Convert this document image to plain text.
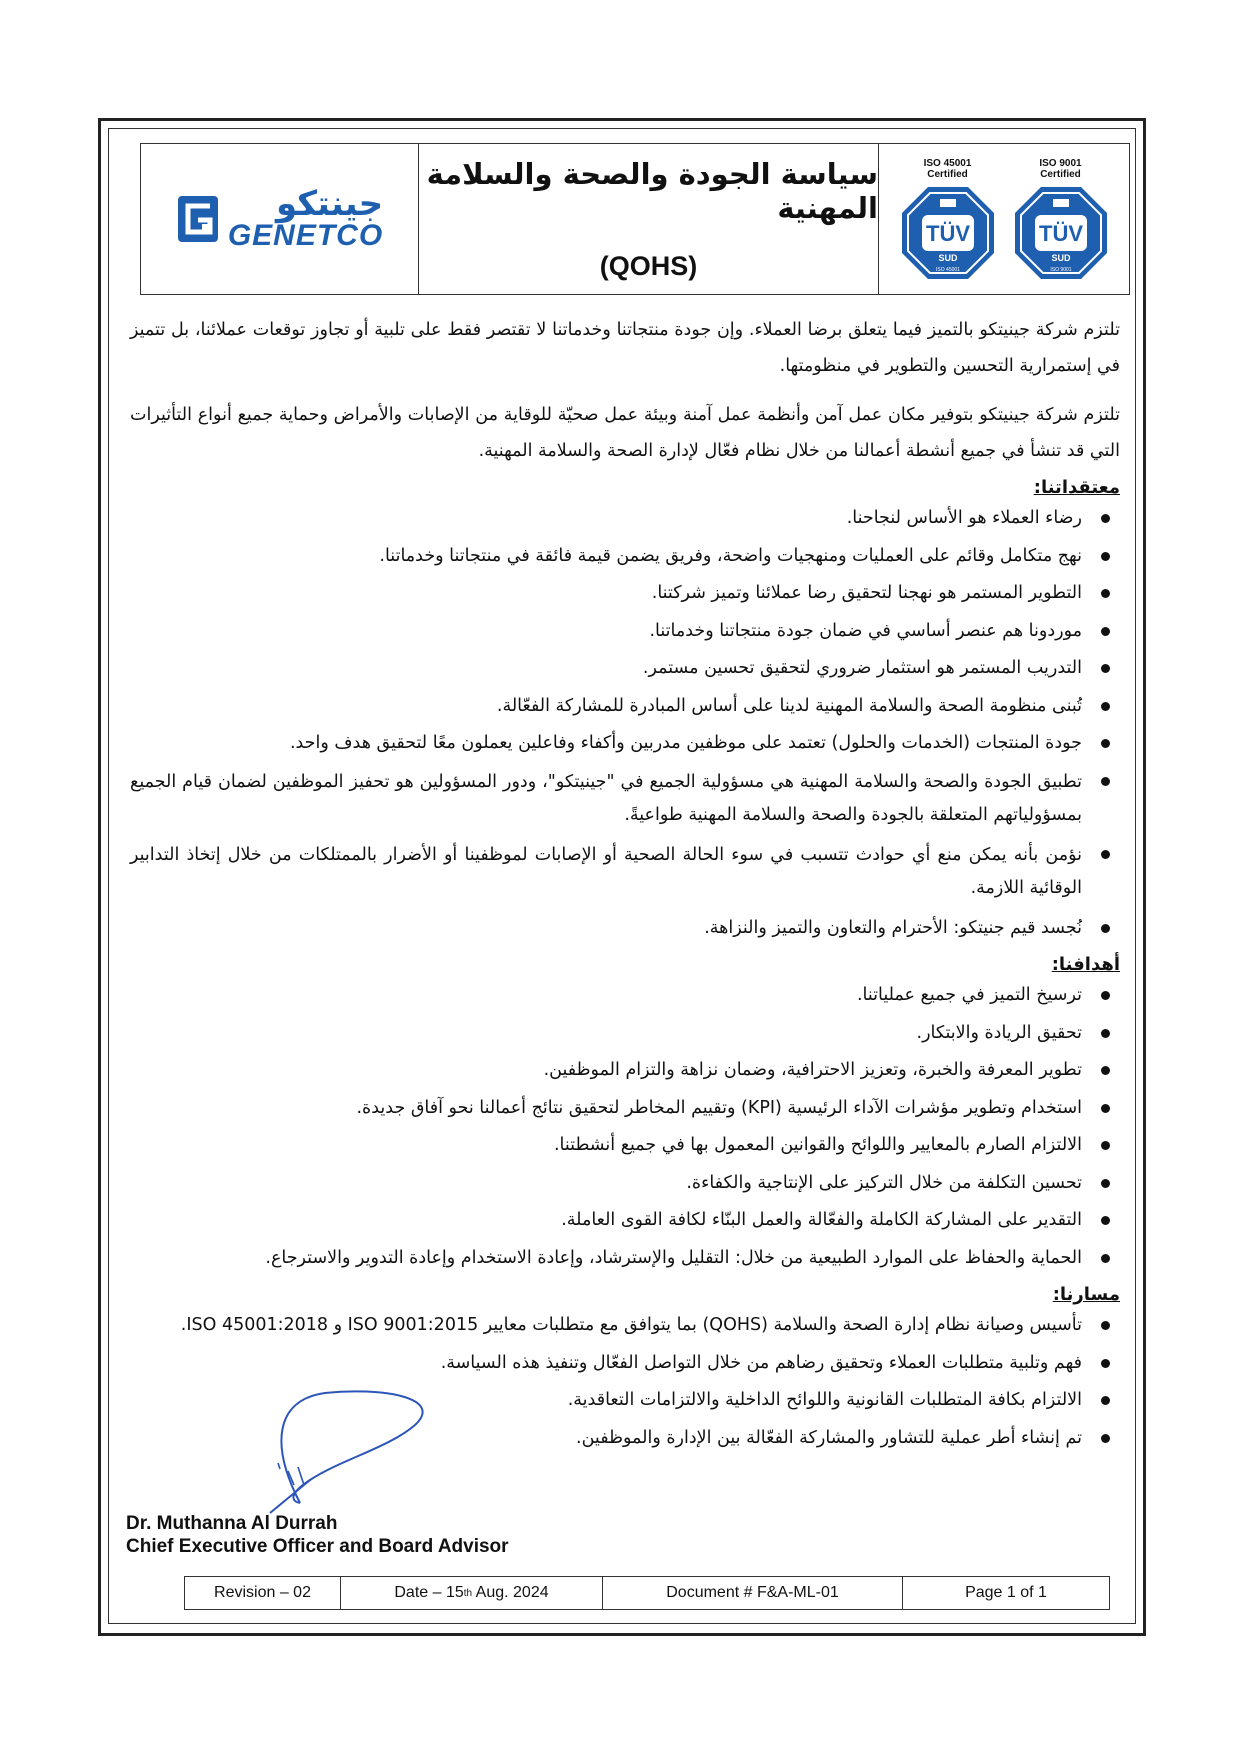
جينتكو
GENETCO
سياسة الجودة والصحة والسلامة المهنية
(QOHS)
ISO 45001
Certified
TÜV
SUD
ISO 45001
ISO 9001
Certified
TÜV
SUD
ISO 9001

تلتزم شركة جينيتكو بالتميز فيما يتعلق برضا العملاء. وإن جودة منتجاتنا وخدماتنا لا تقتصر فقط على تلبية أو تجاوز توقعات عملائنا، بل تتميز في إستمرارية التحسين والتطوير في منظومتها.

تلتزم شركة جينيتكو بتوفير مكان عمل آمن وأنظمة عمل آمنة وبيئة عمل صحيّة للوقاية من الإصابات والأمراض وحماية جميع أنواع التأثيرات التي قد تنشأ في جميع أنشطة أعمالنا من خلال نظام فعّال لإدارة الصحة والسلامة المهنية.

معتقداتنا:
رضاء العملاء هو الأساس لنجاحنا.
نهج متكامل وقائم على العمليات ومنهجيات واضحة، وفريق يضمن قيمة فائقة في منتجاتنا وخدماتنا.
التطوير المستمر هو نهجنا لتحقيق رضا عملائنا وتميز شركتنا.
موردونا هم عنصر أساسي في ضمان جودة منتجاتنا وخدماتنا.
التدريب المستمر هو استثمار ضروري لتحقيق تحسين مستمر.
تُبنى منظومة الصحة والسلامة المهنية لدينا على أساس المبادرة للمشاركة الفعّالة.
جودة المنتجات (الخدمات والحلول) تعتمد على موظفين مدربين وأكفاء وفاعلين يعملون معًا لتحقيق هدف واحد.
تطبيق الجودة والصحة والسلامة المهنية هي مسؤولية الجميع في "جينيتكو"، ودور المسؤولين هو تحفيز الموظفين لضمان قيام الجميع بمسؤولياتهم المتعلقة بالجودة والصحة والسلامة المهنية طواعيةً.
نؤمن بأنه يمكن منع أي حوادث تتسبب في سوء الحالة الصحية أو الإصابات لموظفينا أو الأضرار بالممتلكات من خلال إتخاذ التدابير الوقائية اللازمة.
نُجسد قيم جنيتكو: الأحترام والتعاون والتميز والنزاهة.
أهدافنا:
ترسيخ التميز في جميع عملياتنا.
تحقيق الريادة والابتكار.
تطوير المعرفة والخبرة، وتعزيز الاحترافية، وضمان نزاهة والتزام الموظفين.
استخدام وتطوير مؤشرات الآداء الرئيسية (KPI) وتقييم المخاطر لتحقيق نتائج أعمالنا نحو آفاق جديدة.
الالتزام الصارم بالمعايير واللوائح والقوانين المعمول بها في جميع أنشطتنا.
تحسين التكلفة من خلال التركيز على الإنتاجية والكفاءة.
التقدير على المشاركة الكاملة والفعّالة والعمل البنّاء لكافة القوى العاملة.
الحماية والحفاظ على الموارد الطبيعية من خلال: التقليل والإسترشاد، وإعادة الاستخدام وإعادة التدوير والاسترجاع.
مسارنا:
تأسيس وصيانة نظام إدارة الصحة والسلامة (QOHS) بما يتوافق مع متطلبات معايير ISO 9001:2015 و ISO 45001:2018.
فهم وتلبية متطلبات العملاء وتحقيق رضاهم من خلال التواصل الفعّال وتنفيذ هذه السياسة.
الالتزام بكافة المتطلبات القانونية واللوائح الداخلية والالتزامات التعاقدية.
تم إنشاء أطر عملية للتشاور والمشاركة الفعّالة بين الإدارة والموظفين.
Dr. Muthanna Al Durrah
Chief Executive Officer and Board Advisor
Revision – 02	Date – 15 th Aug. 2024	Document # F&A-ML-01	Page 1 of 1
